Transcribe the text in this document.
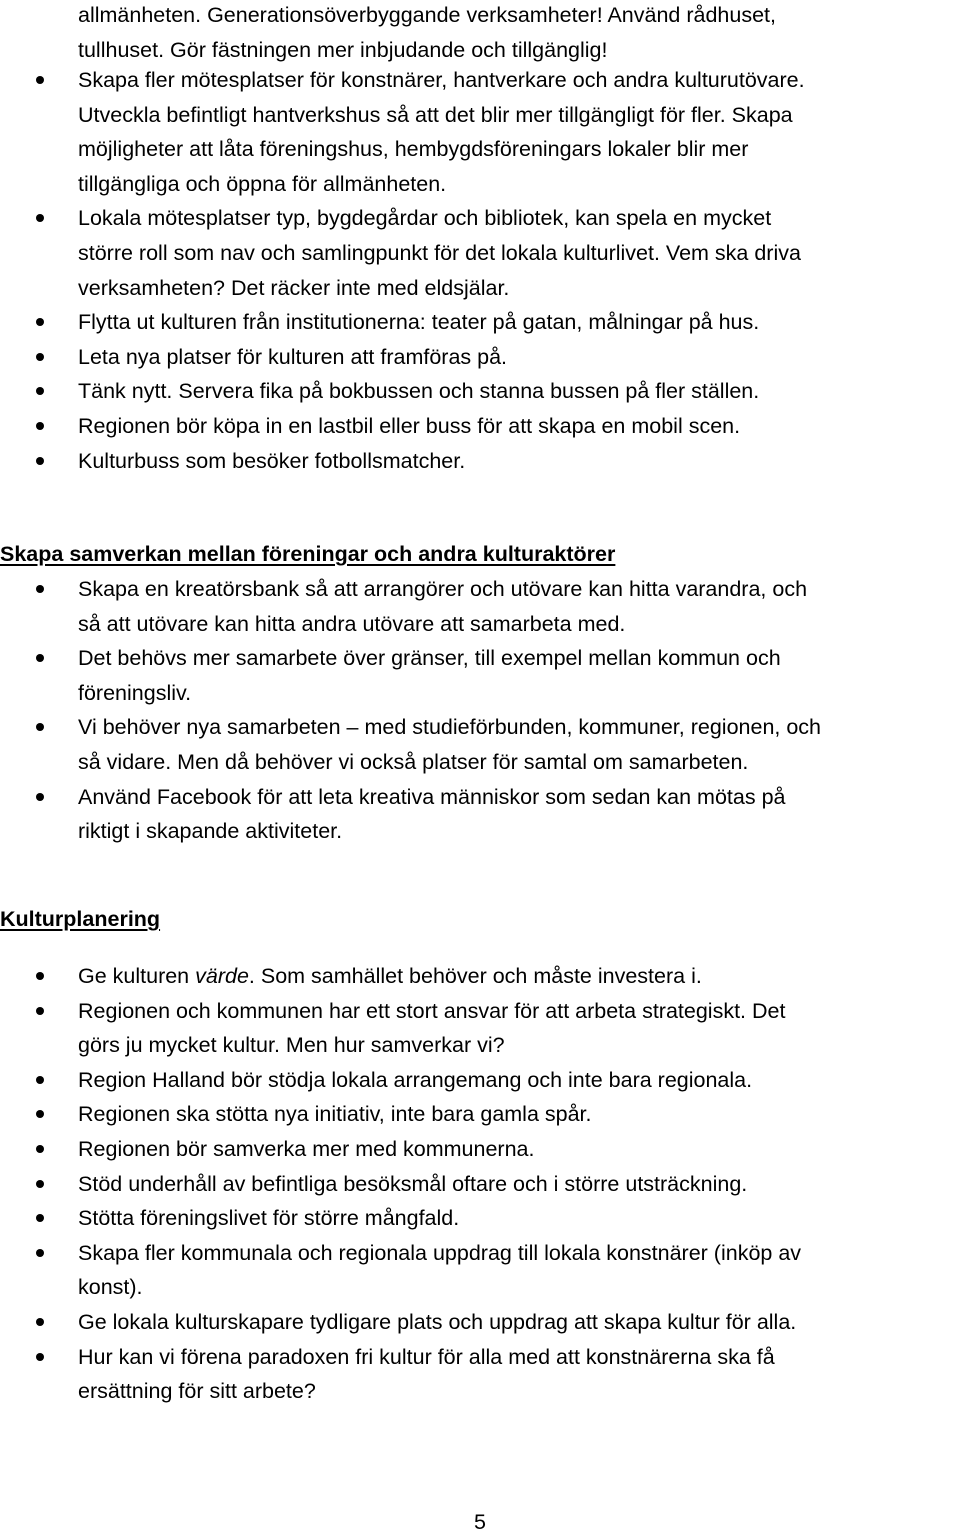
allmänheten. Generationsöverbyggande verksamheter! Använd rådhuset,
tullhuset. Gör fästningen mer inbjudande och tillgänglig!

Skapa fler mötesplatser för konstnärer, hantverkare och andra kulturutövare.
Utveckla befintligt hantverkshus så att det blir mer tillgängligt för fler. Skapa
möjligheter att låta föreningshus, hembygdsföreningars lokaler blir mer
tillgängliga och öppna för allmänheten.
Lokala mötesplatser typ, bygdegårdar och bibliotek, kan spela en mycket
större roll som nav och samlingpunkt för det lokala kulturlivet. Vem ska driva
verksamheten? Det räcker inte med eldsjälar.
Flytta ut kulturen från institutionerna: teater på gatan, målningar på hus.
Leta nya platser för kulturen att framföras på.
Tänk nytt. Servera fika på bokbussen och stanna bussen på fler ställen.
Regionen bör köpa in en lastbil eller buss för att skapa en mobil scen.
Kulturbuss som besöker fotbollsmatcher.
Skapa samverkan mellan föreningar och andra kulturaktörer
Skapa en kreatörsbank så att arrangörer och utövare kan hitta varandra, och
så att utövare kan hitta andra utövare att samarbeta med.
Det behövs mer samarbete över gränser, till exempel mellan kommun och
föreningsliv.
Vi behöver nya samarbeten – med studieförbunden, kommuner, regionen, och
så vidare. Men då behöver vi också platser för samtal om samarbeten.
Använd Facebook för att leta kreativa människor som sedan kan mötas på
riktigt i skapande aktiviteter.
Kulturplanering
Ge kulturen värde. Som samhället behöver och måste investera i.
Regionen och kommunen har ett stort ansvar för att arbeta strategiskt. Det
görs ju mycket kultur. Men hur samverkar vi?
Region Halland bör stödja lokala arrangemang och inte bara regionala.
Regionen ska stötta nya initiativ, inte bara gamla spår.
Regionen bör samverka mer med kommunerna.
Stöd underhåll av befintliga besöksmål oftare och i större utsträckning.
Stötta föreningslivet för större mångfald.
Skapa fler kommunala och regionala uppdrag till lokala konstnärer (inköp av
konst).
Ge lokala kulturskapare tydligare plats och uppdrag att skapa kultur för alla.
Hur kan vi förena paradoxen fri kultur för alla med att konstnärerna ska få
ersättning för sitt arbete?
5
